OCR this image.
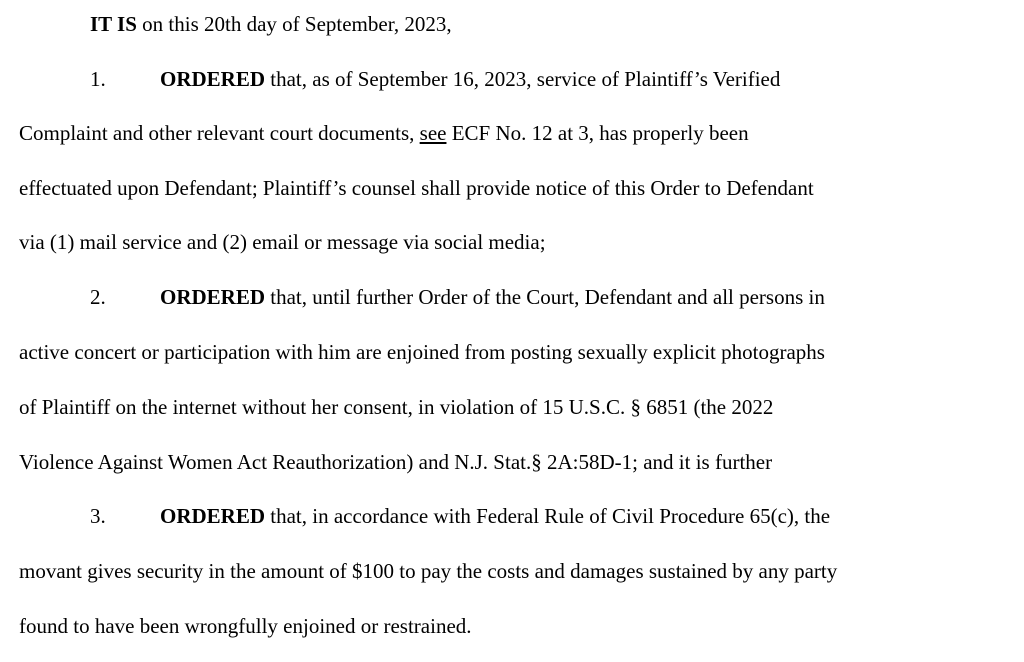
IT IS on this 20th day of September, 2023,
1.	ORDERED that, as of September 16, 2023, service of Plaintiff’s Verified
Complaint and other relevant court documents, see ECF No. 12 at 3, has properly been
effectuated upon Defendant; Plaintiff’s counsel shall provide notice of this Order to Defendant
via (1) mail service and (2) email or message via social media;
2.	ORDERED that, until further Order of the Court, Defendant and all persons in
active concert or participation with him are enjoined from posting sexually explicit photographs
of Plaintiff on the internet without her consent, in violation of 15 U.S.C. § 6851 (the 2022
Violence Against Women Act Reauthorization) and N.J. Stat.§ 2A:58D-1; and it is further
3.	ORDERED that, in accordance with Federal Rule of Civil Procedure 65(c), the
movant gives security in the amount of $100 to pay the costs and damages sustained by any party
found to have been wrongfully enjoined or restrained.
